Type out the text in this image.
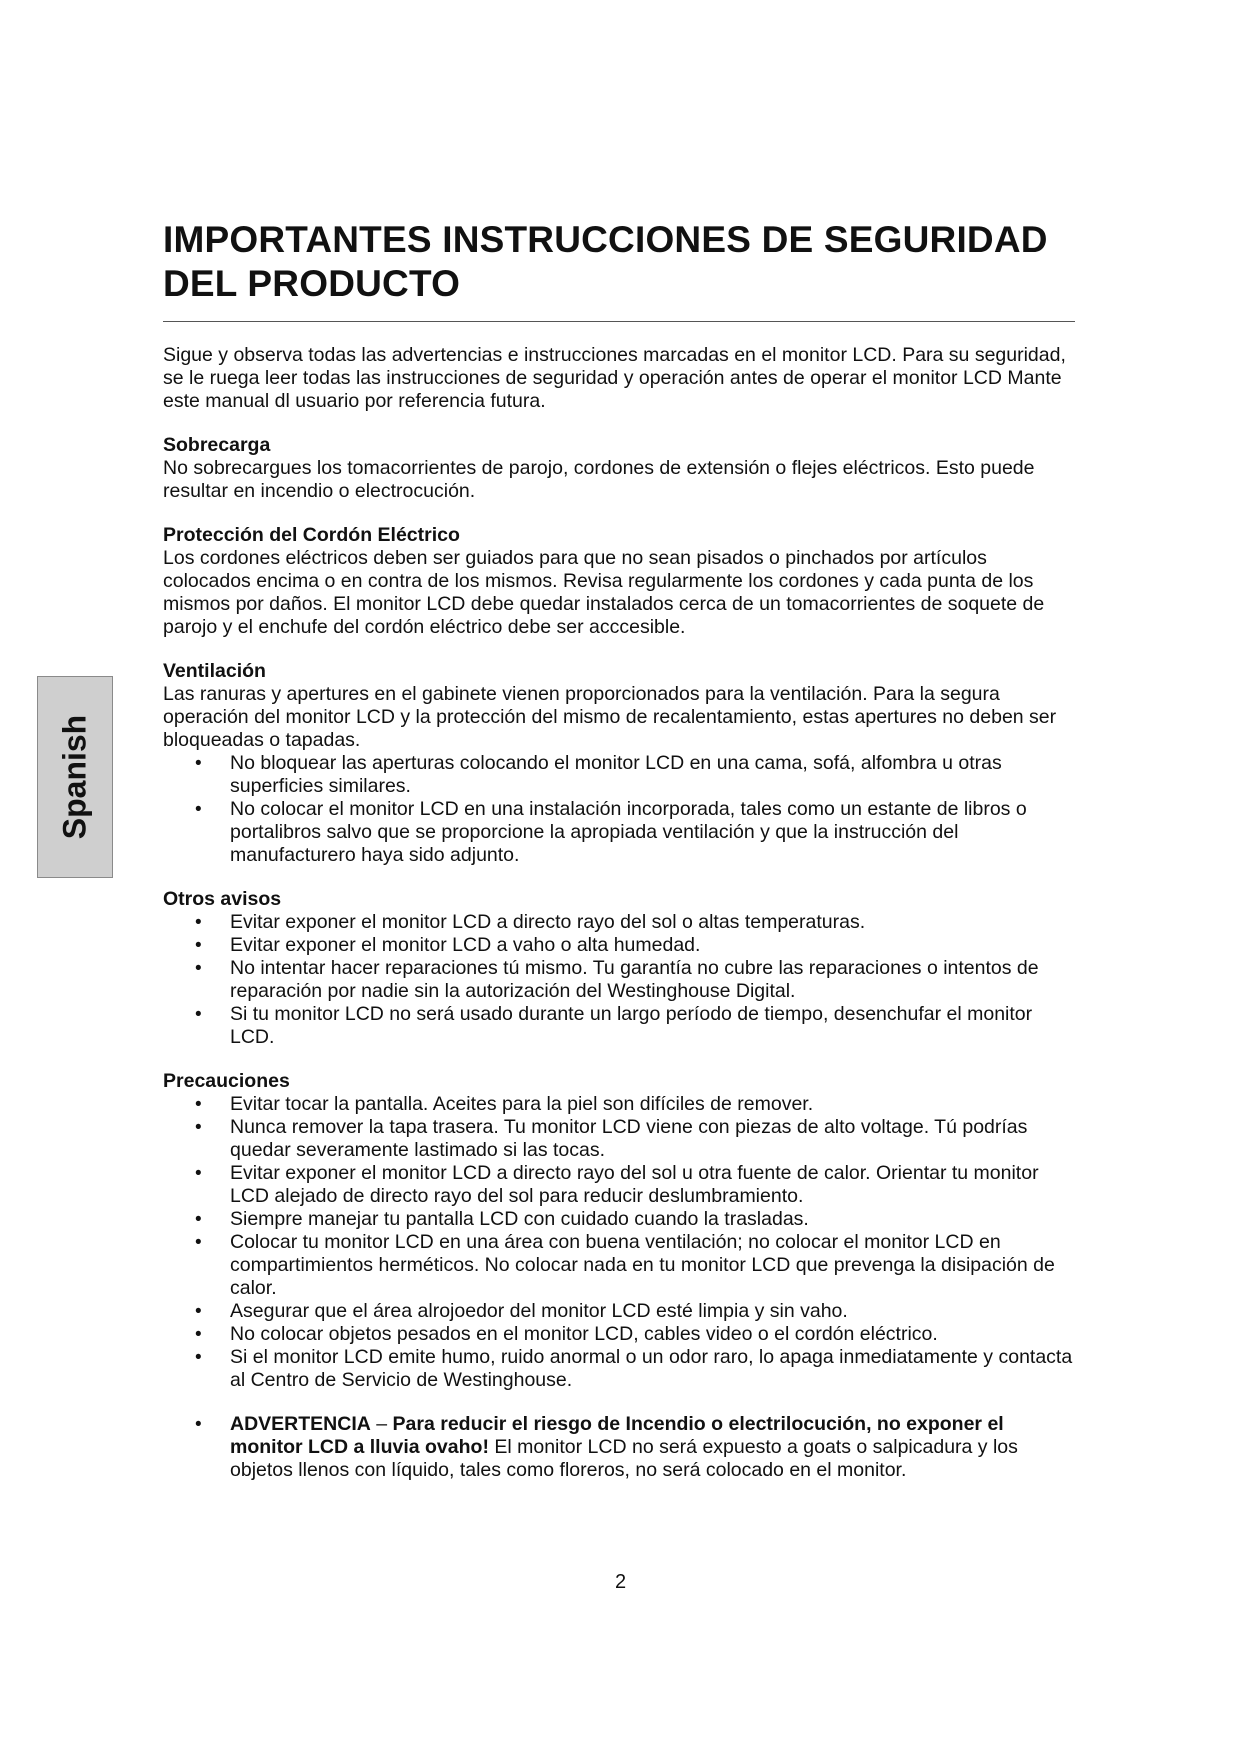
Spanish
IMPORTANTES INSTRUCCIONES DE SEGURIDAD DEL PRODUCTO

Sigue y observa todas las advertencias e instrucciones marcadas en el monitor LCD. Para su seguridad, se le ruega leer todas las instrucciones de seguridad y operación antes de operar el monitor LCD Mante este manual dl usuario por referencia futura.

Sobrecarga

No sobrecargues los tomacorrientes de parojo, cordones de extensión o flejes eléctricos. Esto puede resultar en incendio o electrocución.

Protección del Cordón Eléctrico

Los cordones eléctricos deben ser guiados para que no sean pisados o pinchados por artículos colocados encima o en contra de los mismos. Revisa regularmente los cordones y cada punta de los mismos por daños. El monitor LCD debe quedar instalados cerca de un tomacorrientes de soquete de parojo y el enchufe del cordón eléctrico debe ser acccesible.

Ventilación

Las ranuras y apertures en el gabinete vienen proporcionados para la ventilación. Para la segura operación del monitor LCD y la protección del mismo de recalentamiento, estas apertures no deben ser bloqueadas o tapadas.

• No bloquear las aperturas colocando el monitor LCD en una cama, sofá, alfombra u otras superficies similares.
• No colocar el monitor LCD en una instalación incorporada, tales como un estante de libros o portalibros salvo que se proporcione la apropiada ventilación y que la instrucción del manufacturero haya sido adjunto.
Otros avisos
• Evitar exponer el monitor LCD a directo rayo del sol o altas temperaturas.
• Evitar exponer el monitor LCD a vaho o alta humedad.
• No intentar hacer reparaciones tú mismo. Tu garantía no cubre las reparaciones o intentos de reparación por nadie sin la autorización del Westinghouse Digital.
• Si tu monitor LCD no será usado durante un largo período de tiempo, desenchufar el monitor LCD.
Precauciones
• Evitar tocar la pantalla. Aceites para la piel son difíciles de remover.
• Nunca remover la tapa trasera. Tu monitor LCD viene con piezas de alto voltage. Tú podrías quedar severamente lastimado si las tocas.
• Evitar exponer el monitor LCD a directo rayo del sol u otra fuente de calor. Orientar tu monitor LCD alejado de directo rayo del sol para reducir deslumbramiento.
• Siempre manejar tu pantalla LCD con cuidado cuando la trasladas.
• Colocar tu monitor LCD en una área con buena ventilación; no colocar el monitor LCD en compartimientos herméticos. No colocar nada en tu monitor LCD que prevenga la disipación de calor.
• Asegurar que el área alrojoedor del monitor LCD esté limpia y sin vaho.
• No colocar objetos pesados en el monitor LCD, cables video o el cordón eléctrico.
• Si el monitor LCD emite humo, ruido anormal o un odor raro, lo apaga inmediatamente y contacta al Centro de Servicio de Westinghouse.
• ADVERTENCIA – Para reducir el riesgo de Incendio o electrilocución, no exponer el monitor LCD a lluvia ovaho! El monitor LCD no será expuesto a goats o salpicadura y los objetos llenos con líquido, tales como floreros, no será colocado en el monitor.
2
